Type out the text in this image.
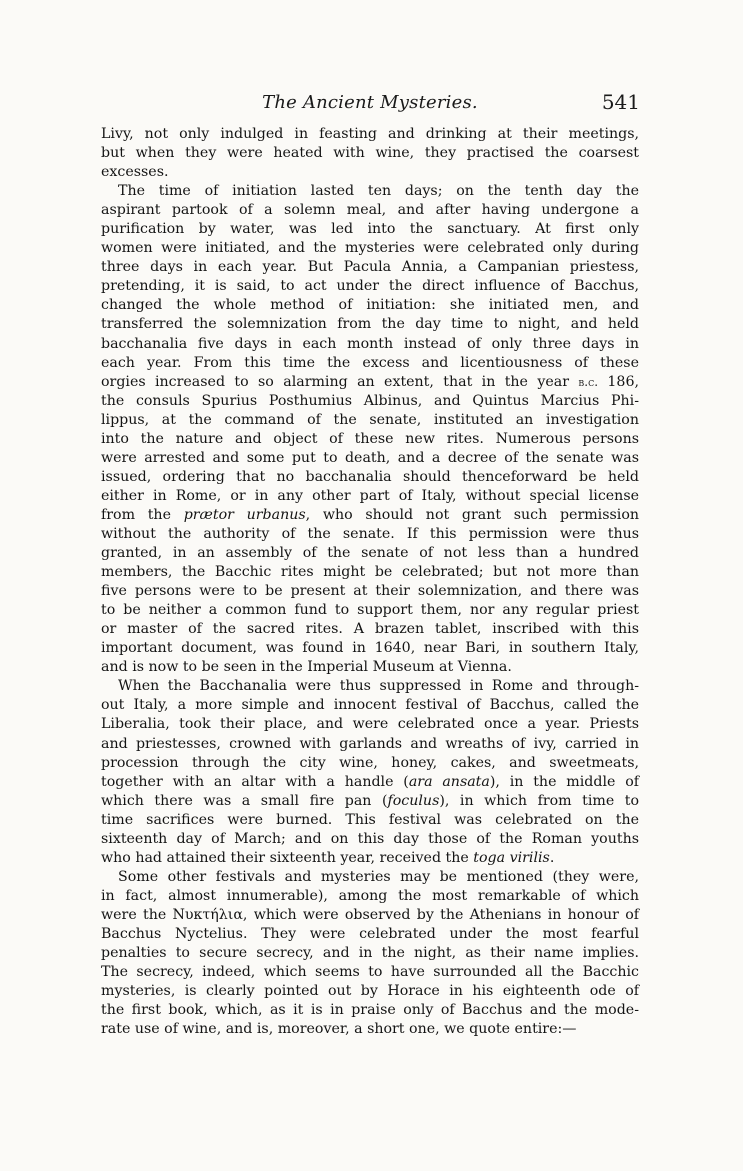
The Ancient Mysteries.	541

Livy, not only indulged in feasting and drinking at their meetings,
but when they were heated with wine, they practised the coarsest
excesses.

The time of initiation lasted ten days; on the tenth day the
aspirant partook of a solemn meal, and after having undergone a
purification by water, was led into the sanctuary. At first only
women were initiated, and the mysteries were celebrated only during
three days in each year. But Pacula Annia, a Campanian priestess,
pretending, it is said, to act under the direct influence of Bacchus,
changed the whole method of initiation: she initiated men, and
transferred the solemnization from the day time to night, and held
bacchanalia five days in each month instead of only three days in
each year. From this time the excess and licentiousness of these
orgies increased to so alarming an extent, that in the year b.c. 186,
the consuls Spurius Posthumius Albinus, and Quintus Marcius Phi-
lippus, at the command of the senate, instituted an investigation
into the nature and object of these new rites. Numerous persons
were arrested and some put to death, and a decree of the senate was
issued, ordering that no bacchanalia should thenceforward be held
either in Rome, or in any other part of Italy, without special license
from the prætor urbanus, who should not grant such permission
without the authority of the senate. If this permission were thus
granted, in an assembly of the senate of not less than a hundred
members, the Bacchic rites might be celebrated; but not more than
five persons were to be present at their solemnization, and there was
to be neither a common fund to support them, nor any regular priest
or master of the sacred rites. A brazen tablet, inscribed with this
important document, was found in 1640, near Bari, in southern Italy,
and is now to be seen in the Imperial Museum at Vienna.

When the Bacchanalia were thus suppressed in Rome and through-
out Italy, a more simple and innocent festival of Bacchus, called the
Liberalia, took their place, and were celebrated once a year. Priests
and priestesses, crowned with garlands and wreaths of ivy, carried in
procession through the city wine, honey, cakes, and sweetmeats,
together with an altar with a handle (ara ansata), in the middle of
which there was a small fire pan (foculus), in which from time to
time sacrifices were burned. This festival was celebrated on the
sixteenth day of March; and on this day those of the Roman youths
who had attained their sixteenth year, received the toga virilis.

Some other festivals and mysteries may be mentioned (they were,
in fact, almost innumerable), among the most remarkable of which
were the Νυκτήλια, which were observed by the Athenians in honour of
Bacchus Nyctelius. They were celebrated under the most fearful
penalties to secure secrecy, and in the night, as their name implies.
The secrecy, indeed, which seems to have surrounded all the Bacchic
mysteries, is clearly pointed out by Horace in his eighteenth ode of
the first book, which, as it is in praise only of Bacchus and the mode-
rate use of wine, and is, moreover, a short one, we quote entire:—
